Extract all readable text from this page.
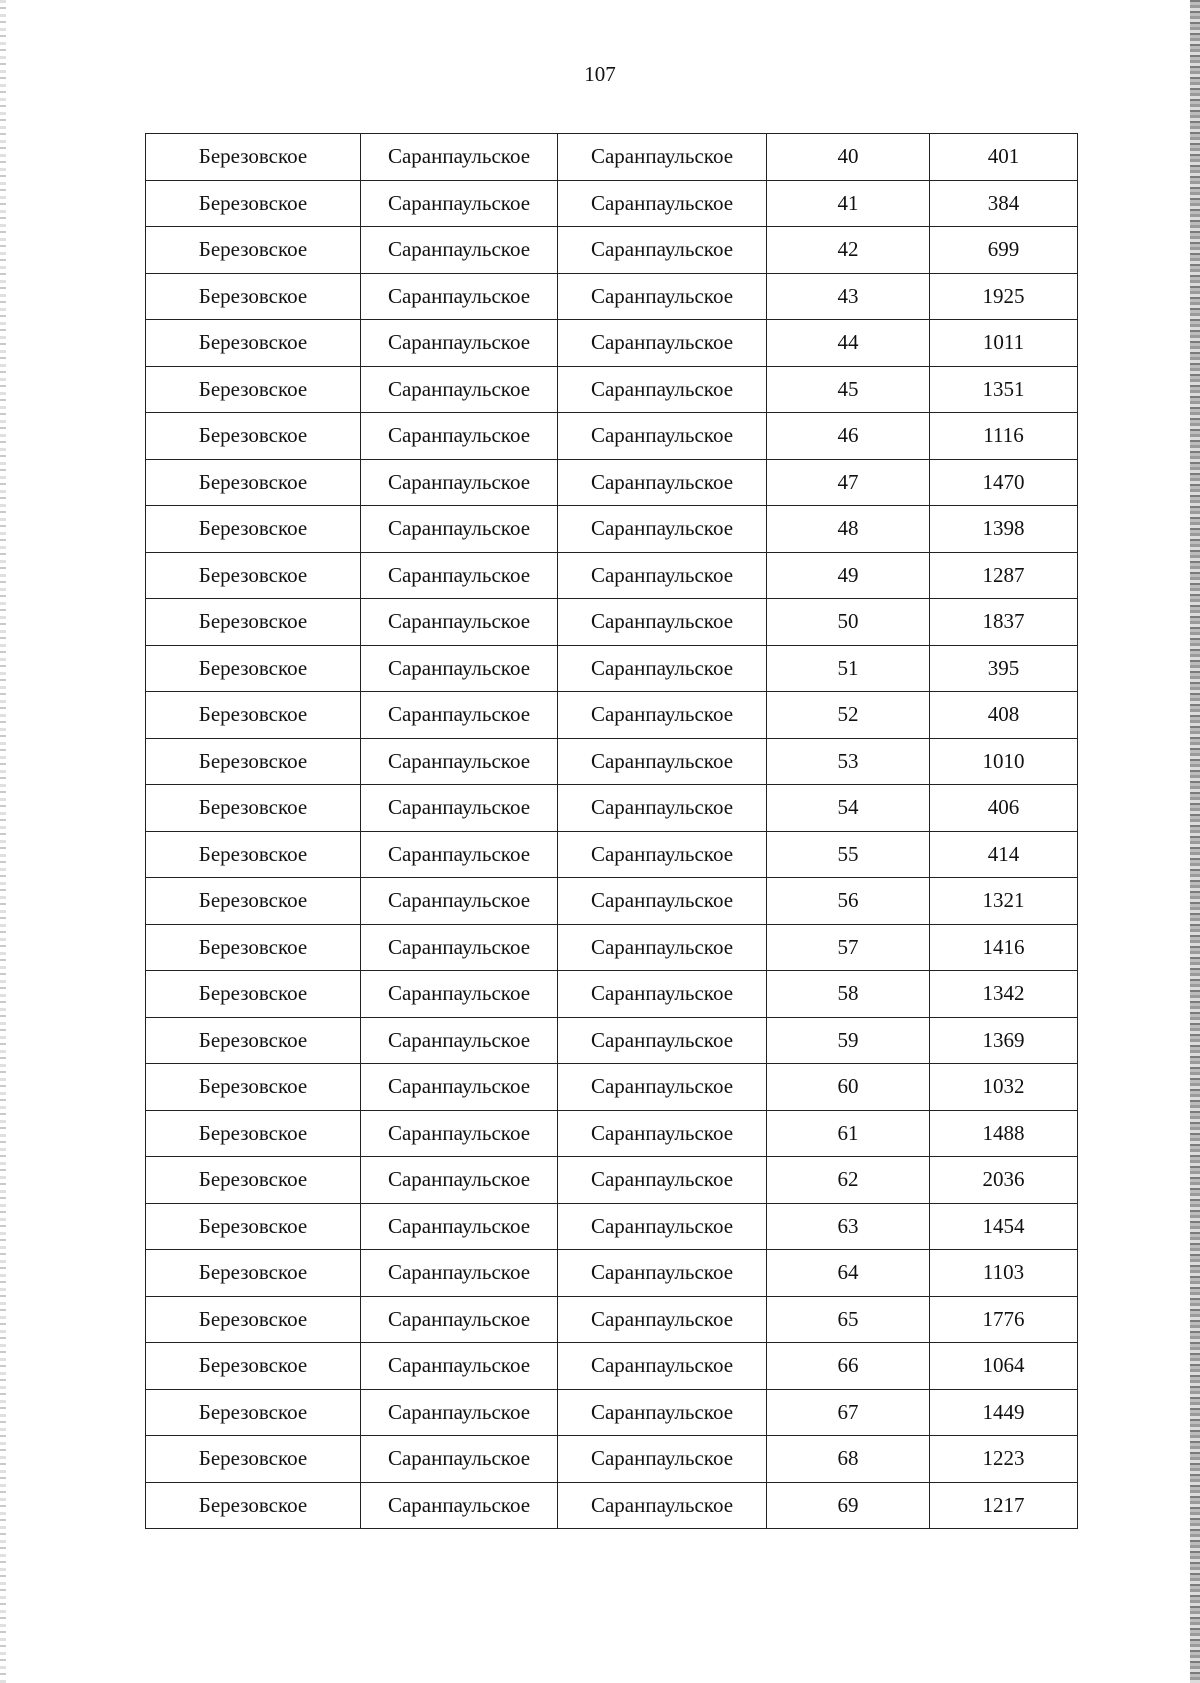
107
Березовское	Саранпаульское	Саранпаульское	40	401
Березовское	Саранпаульское	Саранпаульское	41	384
Березовское	Саранпаульское	Саранпаульское	42	699
Березовское	Саранпаульское	Саранпаульское	43	1925
Березовское	Саранпаульское	Саранпаульское	44	1011
Березовское	Саранпаульское	Саранпаульское	45	1351
Березовское	Саранпаульское	Саранпаульское	46	1116
Березовское	Саранпаульское	Саранпаульское	47	1470
Березовское	Саранпаульское	Саранпаульское	48	1398
Березовское	Саранпаульское	Саранпаульское	49	1287
Березовское	Саранпаульское	Саранпаульское	50	1837
Березовское	Саранпаульское	Саранпаульское	51	395
Березовское	Саранпаульское	Саранпаульское	52	408
Березовское	Саранпаульское	Саранпаульское	53	1010
Березовское	Саранпаульское	Саранпаульское	54	406
Березовское	Саранпаульское	Саранпаульское	55	414
Березовское	Саранпаульское	Саранпаульское	56	1321
Березовское	Саранпаульское	Саранпаульское	57	1416
Березовское	Саранпаульское	Саранпаульское	58	1342
Березовское	Саранпаульское	Саранпаульское	59	1369
Березовское	Саранпаульское	Саранпаульское	60	1032
Березовское	Саранпаульское	Саранпаульское	61	1488
Березовское	Саранпаульское	Саранпаульское	62	2036
Березовское	Саранпаульское	Саранпаульское	63	1454
Березовское	Саранпаульское	Саранпаульское	64	1103
Березовское	Саранпаульское	Саранпаульское	65	1776
Березовское	Саранпаульское	Саранпаульское	66	1064
Березовское	Саранпаульское	Саранпаульское	67	1449
Березовское	Саранпаульское	Саранпаульское	68	1223
Березовское	Саранпаульское	Саранпаульское	69	1217
